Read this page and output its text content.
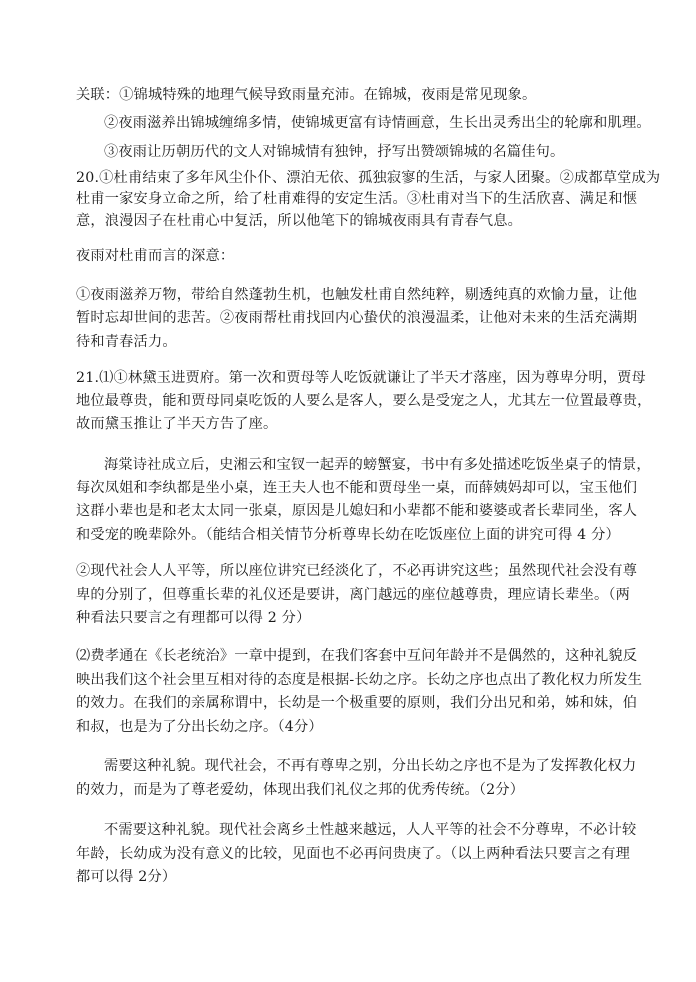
关联：①锦城特殊的地理气候导致雨量充沛。在锦城，夜雨是常见现象。
②夜雨滋养出锦城缠绵多情，使锦城更富有诗情画意，生长出灵秀出尘的轮廓和肌理。
③夜雨让历朝历代的文人对锦城情有独钟，抒写出赞颂锦城的名篇佳句。
20.①杜甫结束了多年风尘仆仆、漂泊无依、孤独寂寥的生活，与家人团聚。②成都草堂成为
杜甫一家安身立命之所，给了杜甫难得的安定生活。③杜甫对当下的生活欣喜、满足和惬
意，浪漫因子在杜甫心中复活，所以他笔下的锦城夜雨具有青春气息。
夜雨对杜甫而言的深意：
①夜雨滋养万物，带给自然蓬勃生机，也触发杜甫自然纯粹，剔透纯真的欢愉力量，让他
暂时忘却世间的悲苦。②夜雨帮杜甫找回内心蛰伏的浪漫温柔，让他对未来的生活充满期
待和青春活力。
21.⑴①林黛玉进贾府。第一次和贾母等人吃饭就谦让了半天才落座，因为尊卑分明，贾母
地位最尊贵，能和贾母同桌吃饭的人要么是客人，要么是受宠之人，尤其左一位置最尊贵，
故而黛玉推让了半天方告了座。
海棠诗社成立后，史湘云和宝钗一起弄的螃蟹宴，书中有多处描述吃饭坐桌子的情景，
每次凤姐和李纨都是坐小桌，连王夫人也不能和贾母坐一桌，而薛姨妈却可以，宝玉他们
这群小辈也是和老太太同一张桌，原因是儿媳妇和小辈都不能和婆婆或者长辈同坐，客人
和受宠的晚辈除外。（能结合相关情节分析尊卑长幼在吃饭座位上面的讲究可得 4 分）
②现代社会人人平等，所以座位讲究已经淡化了，不必再讲究这些；虽然现代社会没有尊
卑的分别了，但尊重长辈的礼仪还是要讲，离门越远的座位越尊贵，理应请长辈坐。（两
种看法只要言之有理都可以得 2 分）
⑵费孝通在《长老统治》一章中提到，在我们客套中互问年龄并不是偶然的，这种礼貌反
映出我们这个社会里互相对待的态度是根据-长幼之序。长幼之序也点出了教化权力所发生
的效力。在我们的亲属称谓中，长幼是一个极重要的原则，我们分出兄和弟，姊和妹，伯
和叔，也是为了分出长幼之序。（4分）
需要这种礼貌。现代社会，不再有尊卑之别，分出长幼之序也不是为了发挥教化权力
的效力，而是为了尊老爱幼，体现出我们礼仪之邦的优秀传统。（2分）
不需要这种礼貌。现代社会离乡土性越来越远，人人平等的社会不分尊卑，不必计较
年龄，长幼成为没有意义的比较，见面也不必再问贵庚了。（以上两种看法只要言之有理
都可以得 2分）
